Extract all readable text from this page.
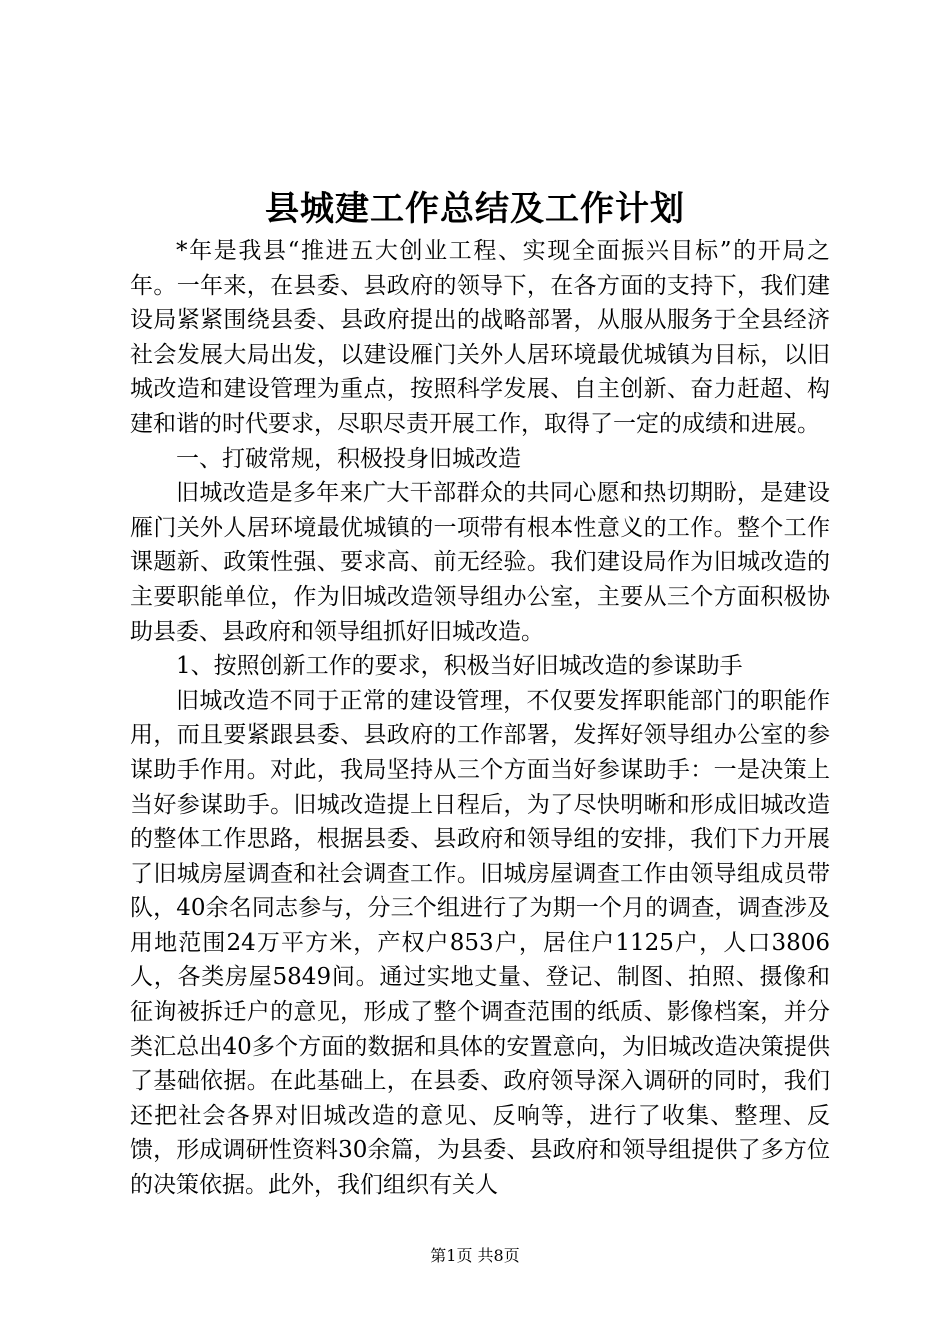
县城建工作总结及工作计划

*年是我县“推进五大创业工程、实现全面振兴目标”的开局之年。一年来，在县委、县政府的领导下，在各方面的支持下，我们建设局紧紧围绕县委、县政府提出的战略部署，从服从服务于全县经济社会发展大局出发，以建设雁门关外人居环境最优城镇为目标，以旧城改造和建设管理为重点，按照科学发展、自主创新、奋力赶超、构建和谐的时代要求，尽职尽责开展工作，取得了一定的成绩和进展。

一、打破常规，积极投身旧城改造

旧城改造是多年来广大干部群众的共同心愿和热切期盼，是建设雁门关外人居环境最优城镇的一项带有根本性意义的工作。整个工作课题新、政策性强、要求高、前无经验。我们建设局作为旧城改造的主要职能单位，作为旧城改造领导组办公室，主要从三个方面积极协助县委、县政府和领导组抓好旧城改造。

1、按照创新工作的要求，积极当好旧城改造的参谋助手

旧城改造不同于正常的建设管理，不仅要发挥职能部门的职能作用，而且要紧跟县委、县政府的工作部署，发挥好领导组办公室的参谋助手作用。对此，我局坚持从三个方面当好参谋助手：一是决策上当好参谋助手。旧城改造提上日程后，为了尽快明晰和形成旧城改造的整体工作思路，根据县委、县政府和领导组的安排，我们下力开展了旧城房屋调查和社会调查工作。旧城房屋调查工作由领导组成员带队，40余名同志参与，分三个组进行了为期一个月的调查，调查涉及用地范围24万平方米，产权户853户，居住户1125户，人口3806人，各类房屋5849间。通过实地丈量、登记、制图、拍照、摄像和征询被拆迁户的意见，形成了整个调查范围的纸质、影像档案，并分类汇总出40多个方面的数据和具体的安置意向，为旧城改造决策提供了基础依据。在此基础上，在县委、政府领导深入调研的同时，我们还把社会各界对旧城改造的意见、反响等，进行了收集、整理、反馈，形成调研性资料30余篇，为县委、县政府和领导组提供了多方位的决策依据。此外，我们组织有关人

第1页 共8页
